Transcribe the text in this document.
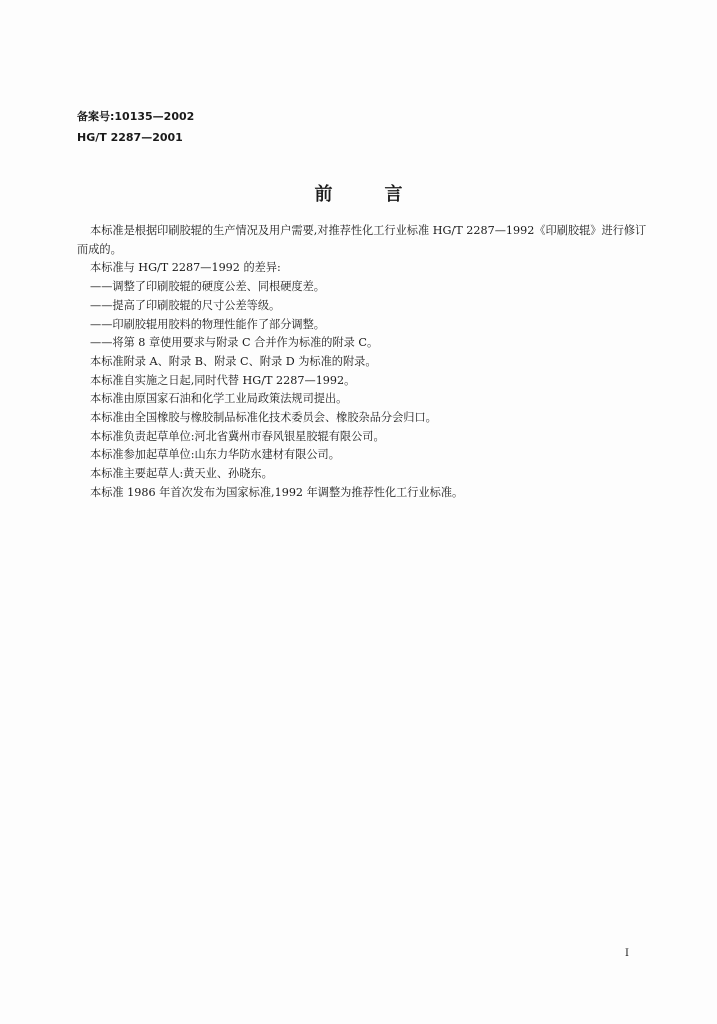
备案号:10135—2002
HG/T 2287—2001
前言

本标准是根据印刷胶辊的生产情况及用户需要,对推荐性化工行业标准 HG/T 2287—1992《印刷胶辊》进行修订而成的。

本标准与 HG/T 2287—1992 的差异:

——调整了印刷胶辊的硬度公差、同根硬度差。

——提高了印刷胶辊的尺寸公差等级。

——印刷胶辊用胶料的物理性能作了部分调整。

——将第 8 章使用要求与附录 C 合并作为标准的附录 C。

本标准附录 A、附录 B、附录 C、附录 D 为标准的附录。

本标准自实施之日起,同时代替 HG/T 2287—1992。

本标准由原国家石油和化学工业局政策法规司提出。

本标准由全国橡胶与橡胶制品标准化技术委员会、橡胶杂品分会归口。

本标准负责起草单位:河北省冀州市春风银星胶辊有限公司。

本标准参加起草单位:山东力华防水建材有限公司。

本标准主要起草人:黄天业、孙晓东。

本标准 1986 年首次发布为国家标准,1992 年调整为推荐性化工行业标准。

I
